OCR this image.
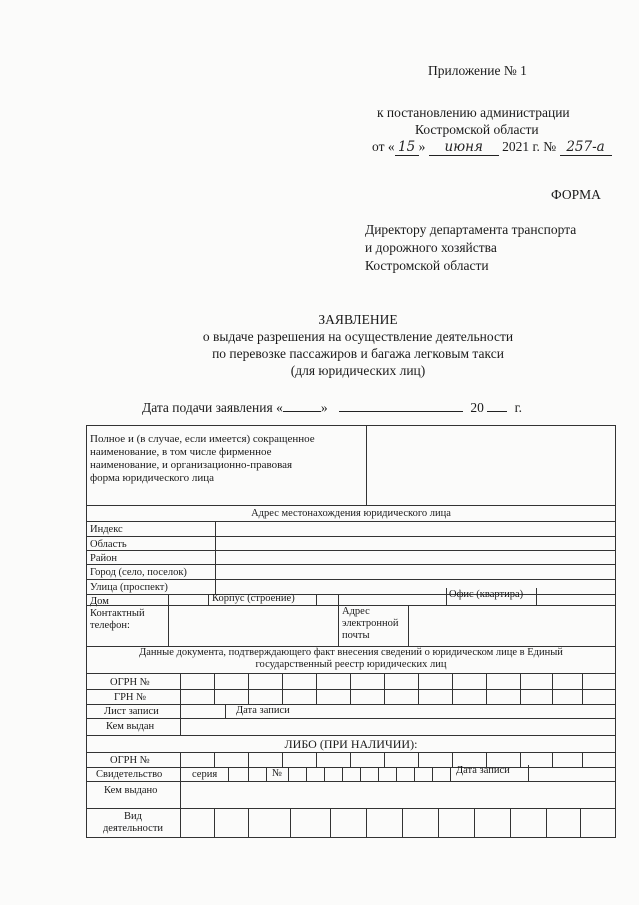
Приложение № 1
к постановлению администрации
Костромской области
от « 15 » июня 2021 г. № 257-а
ФОРМА
Директору департамента транспорта
и дорожного хозяйства
Костромской области
ЗАЯВЛЕНИЕ
о выдаче разрешения на осуществление деятельности
по перевозке пассажиров и багажа легковым такси
(для юридических лиц)
Дата подачи заявления «	»	20 г.
Полное и (в случае, если имеется) сокращенное
наименование, в том числе фирменное
наименование, и организационно-правовая
форма юридического лица
Адрес местонахождения юридического лица
Индекс
Область
Район
Город (село, поселок)
Улица (проспект)
Дом	Корпус (строение)	Офис (квартира)
Контактный
телефон:
Адрес
электронной
почты
Данные документа, подтверждающего факт внесения сведений о юридическом лице в Единый
государственный реестр юридических лиц
ОГРН №
ГРН №
Лист записи	Дата записи
Кем выдан
ЛИБО (ПРИ НАЛИЧИИ):
ОГРН №
Свидетельство	серия	№	Дата записи
Кем выдано
Вид
деятельности
